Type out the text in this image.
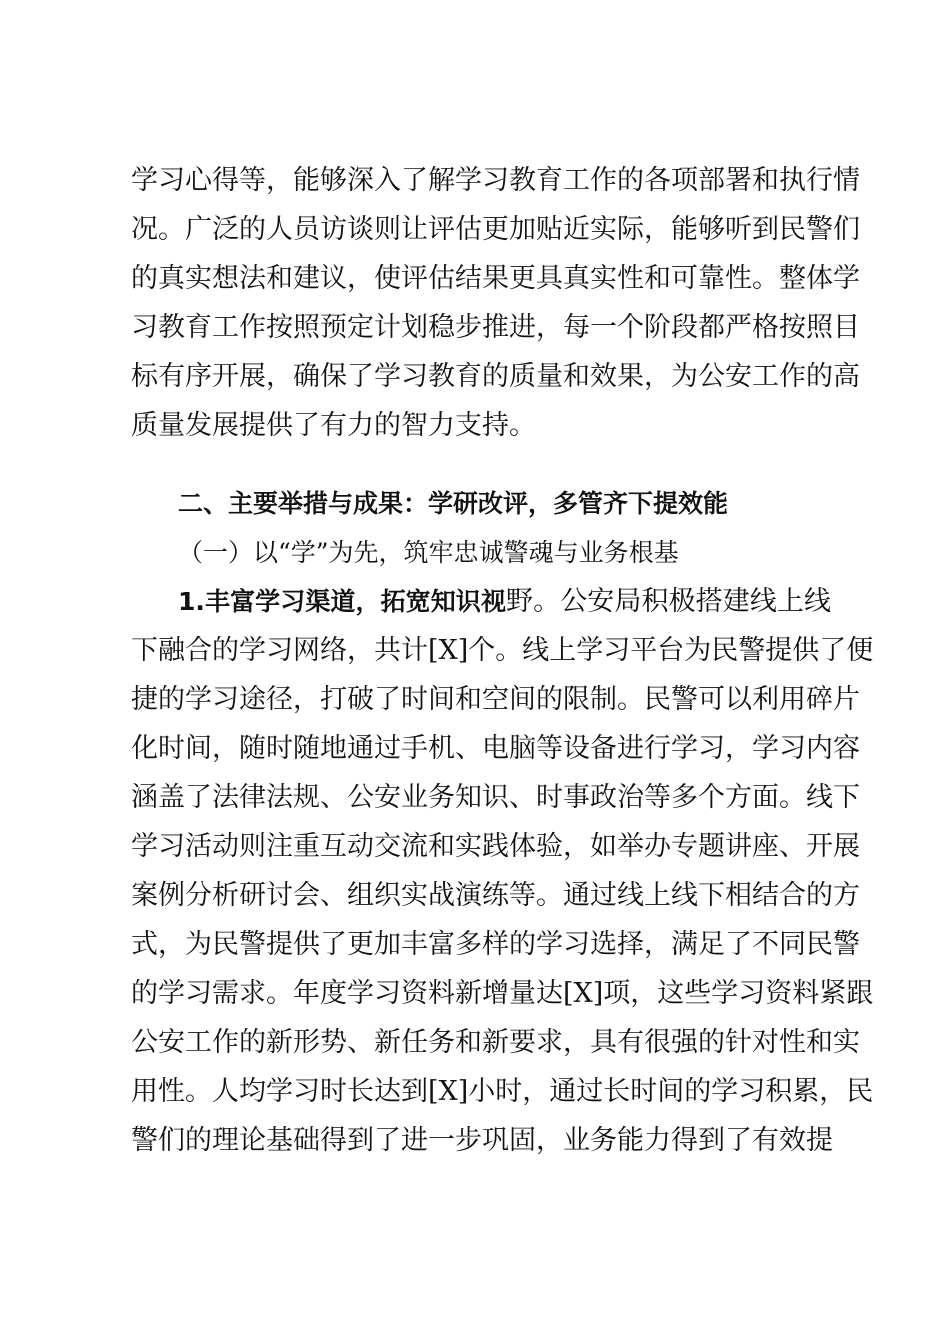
学习心得等，能够深入了解学习教育工作的各项部署和执行情
况。广泛的人员访谈则让评估更加贴近实际，能够听到民警们
的真实想法和建议，使评估结果更具真实性和可靠性。整体学
习教育工作按照预定计划稳步推进，每一个阶段都严格按照目
标有序开展，确保了学习教育的质量和效果，为公安工作的高
质量发展提供了有力的智力支持。
二、主要举措与成果：学研改评，多管齐下提效能
（一）以“学”为先，筑牢忠诚警魂与业务根基
1.丰富学习渠道，拓宽知识视野。公安局积极搭建线上线
下融合的学习网络，共计[X]个。线上学习平台为民警提供了便
捷的学习途径，打破了时间和空间的限制。民警可以利用碎片
化时间，随时随地通过手机、电脑等设备进行学习，学习内容
涵盖了法律法规、公安业务知识、时事政治等多个方面。线下
学习活动则注重互动交流和实践体验，如举办专题讲座、开展
案例分析研讨会、组织实战演练等。通过线上线下相结合的方
式，为民警提供了更加丰富多样的学习选择，满足了不同民警
的学习需求。年度学习资料新增量达[X]项，这些学习资料紧跟
公安工作的新形势、新任务和新要求，具有很强的针对性和实
用性。人均学习时长达到[X]小时，通过长时间的学习积累，民
警们的理论基础得到了进一步巩固，业务能力得到了有效提
